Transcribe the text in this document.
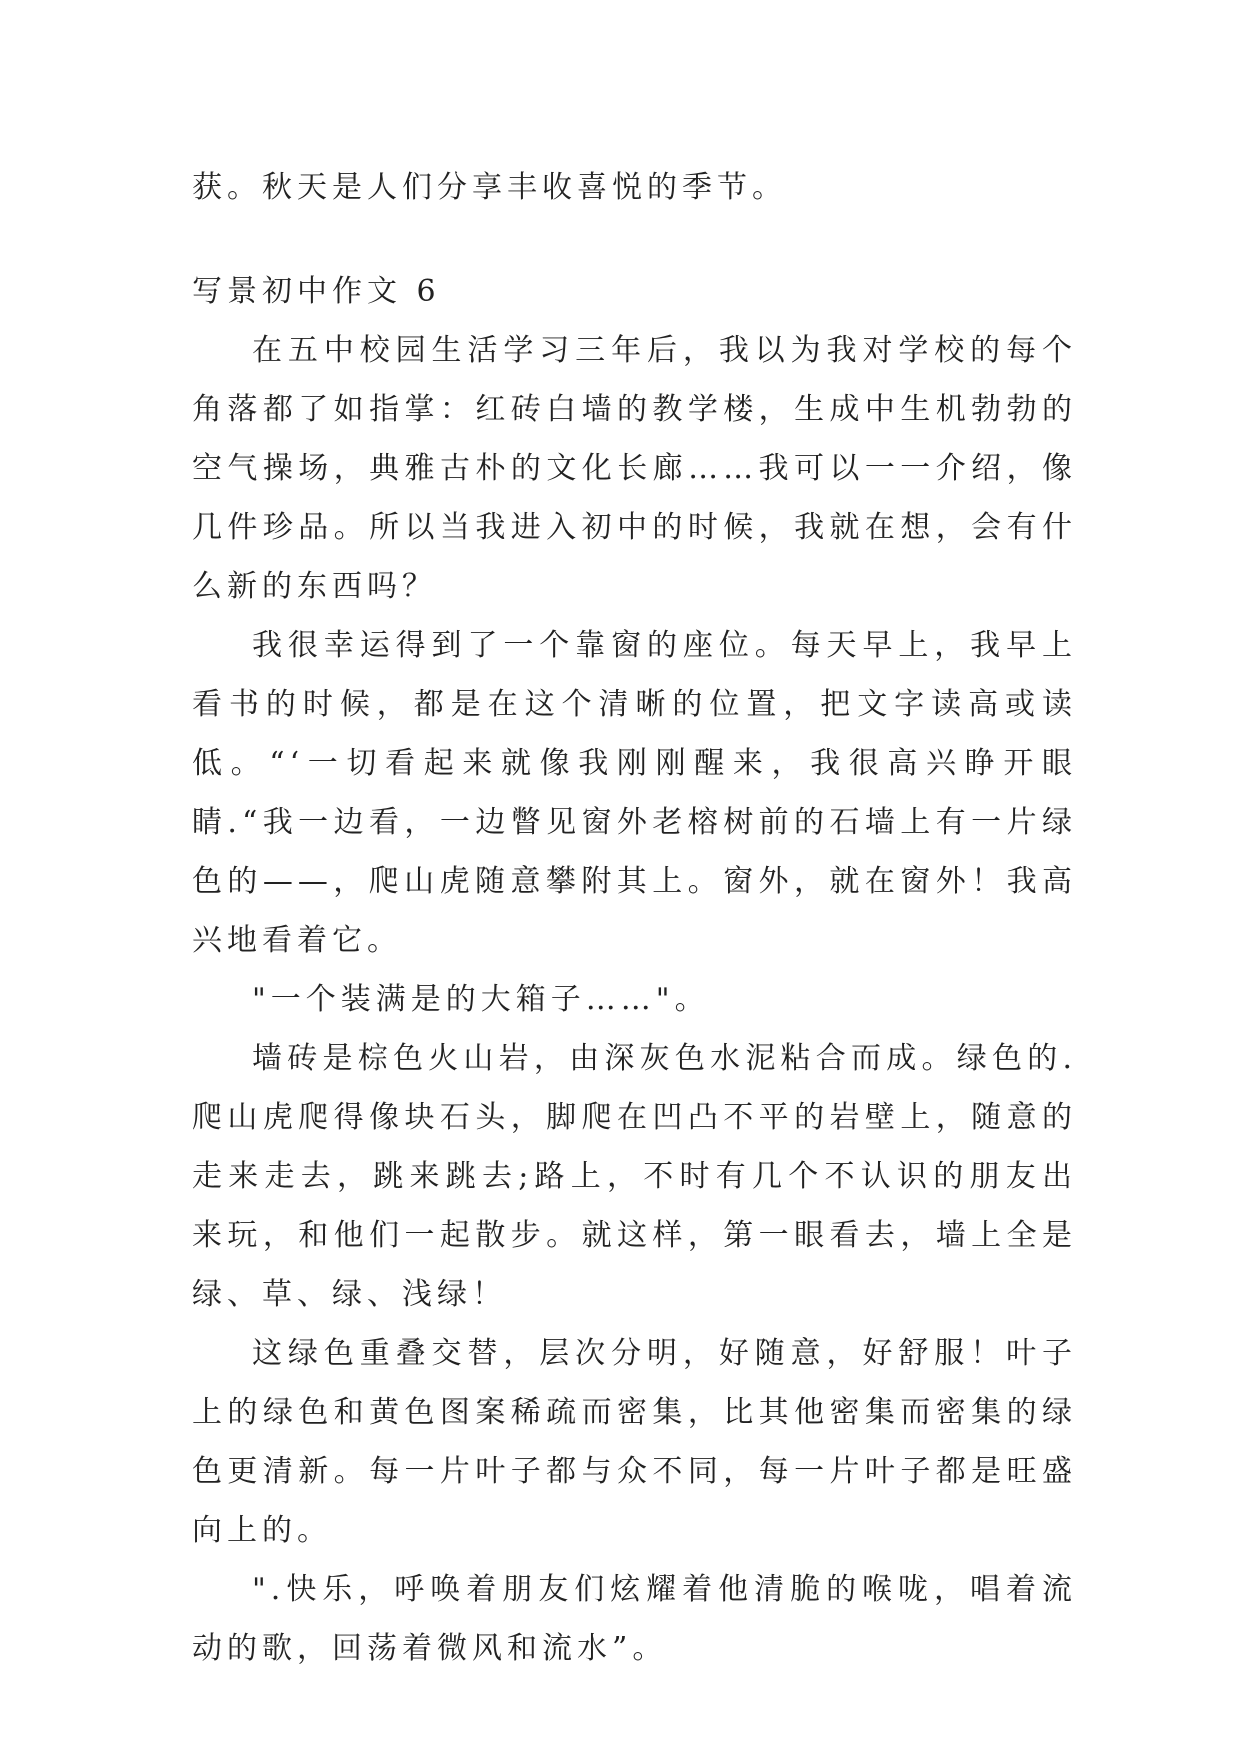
获。秋天是人们分享丰收喜悦的季节。

写景初中作文 6

在五中校园生活学习三年后，我以为我对学校的每个角落都了如指掌：红砖白墙的教学楼，生成中生机勃勃的空气操场，典雅古朴的文化长廊……我可以一一介绍，像几件珍品。所以当我进入初中的时候，我就在想，会有什么新的东西吗？

我很幸运得到了一个靠窗的座位。每天早上，我早上看书的时候，都是在这个清晰的位置，把文字读高或读低。“‘一切看起来就像我刚刚醒来，我很高兴睁开眼睛.“我一边看，一边瞥见窗外老榕树前的石墙上有一片绿色的——，爬山虎随意攀附其上。窗外，就在窗外！我高兴地看着它。

"一个装满是的大箱子……"。

墙砖是棕色火山岩，由深灰色水泥粘合而成。绿色的.爬山虎爬得像块石头，脚爬在凹凸不平的岩壁上，随意的走来走去，跳来跳去;路上，不时有几个不认识的朋友出来玩，和他们一起散步。就这样，第一眼看去，墙上全是绿、草、绿、浅绿！

这绿色重叠交替，层次分明，好随意，好舒服！叶子上的绿色和黄色图案稀疏而密集，比其他密集而密集的绿色更清新。每一片叶子都与众不同，每一片叶子都是旺盛向上的。

".快乐，呼唤着朋友们炫耀着他清脆的喉咙，唱着流动的歌，回荡着微风和流水”。
